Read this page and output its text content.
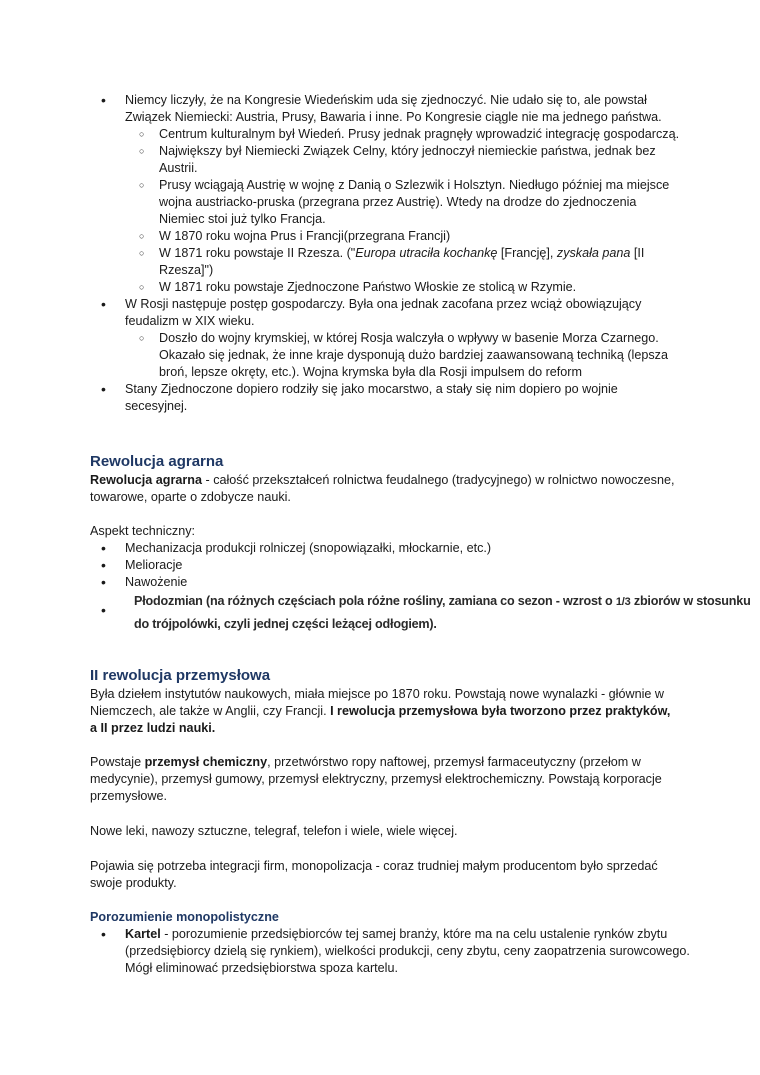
• Niemcy liczyły, że na Kongresie Wiedeńskim uda się zjednoczyć. Nie udało się to, ale powstał Związek Niemiecki: Austria, Prusy, Bawaria i inne. Po Kongresie ciągle nie ma jednego państwa.
○ Centrum kulturalnym był Wiedeń. Prusy jednak pragnęły wprowadzić integrację gospodarczą.
○ Największy był Niemiecki Związek Celny, który jednoczył niemieckie państwa, jednak bez Austrii.
○ Prusy wciągają Austrię w wojnę z Danią o Szlezwik i Holsztyn. Niedługo później ma miejsce wojna austriacko-pruska (przegrana przez Austrię). Wtedy na drodze do zjednoczenia Niemiec stoi już tylko Francja.
○ W 1870 roku wojna Prus i Francji(przegrana Francji)
○ W 1871 roku powstaje II Rzesza. ("Europa utraciła kochankę [Francję], zyskała pana [II Rzesza]")
○ W 1871 roku powstaje Zjednoczone Państwo Włoskie ze stolicą w Rzymie.
• W Rosji następuje postęp gospodarczy. Była ona jednak zacofana przez wciąż obowiązujący feudalizm w XIX wieku.
○ Doszło do wojny krymskiej, w której Rosja walczyła o wpływy w basenie Morza Czarnego. Okazało się jednak, że inne kraje dysponują dużo bardziej zaawansowaną techniką (lepsza broń, lepsze okręty, etc.). Wojna krymska była dla Rosji impulsem do reform
• Stany Zjednoczone dopiero rodziły się jako mocarstwo, a stały się nim dopiero po wojnie secesyjnej.
Rewolucja agrarna

Rewolucja agrarna - całość przekształceń rolnictwa feudalnego (tradycyjnego) w rolnictwo nowoczesne, towarowe, oparte o zdobycze nauki.

Aspekt techniczny:

• Mechanizacja produkcji rolniczej (snopowiązałki, młockarnie, etc.)
• Melioracje
• Nawożenie
•
Płodozmian (na różnych częściach pola różne rośliny, zamiana co sezon - wzrost o 1/3 zbiorów w stosunku do trójpolówki, czyli jednej części leżącej odłogiem).
II rewolucja przemysłowa

Była dziełem instytutów naukowych, miała miejsce po 1870 roku. Powstają nowe wynalazki - głównie w Niemczech, ale także w Anglii, czy Francji. I rewolucja przemysłowa była tworzono przez praktyków, a II przez ludzi nauki.

Powstaje przemysł chemiczny, przetwórstwo ropy naftowej, przemysł farmaceutyczny (przełom w medycynie), przemysł gumowy, przemysł elektryczny, przemysł elektrochemiczny. Powstają korporacje przemysłowe.

Nowe leki, nawozy sztuczne, telegraf, telefon i wiele, wiele więcej.

Pojawia się potrzeba integracji firm, monopolizacja - coraz trudniej małym producentom było sprzedać swoje produkty.

Porozumienie monopolistyczne
• Kartel - porozumienie przedsiębiorców tej samej branży, które ma na celu ustalenie rynków zbytu (przedsiębiorcy dzielą się rynkiem), wielkości produkcji, ceny zbytu, ceny zaopatrzenia surowcowego. Mógł eliminować przedsiębiorstwa spoza kartelu.
